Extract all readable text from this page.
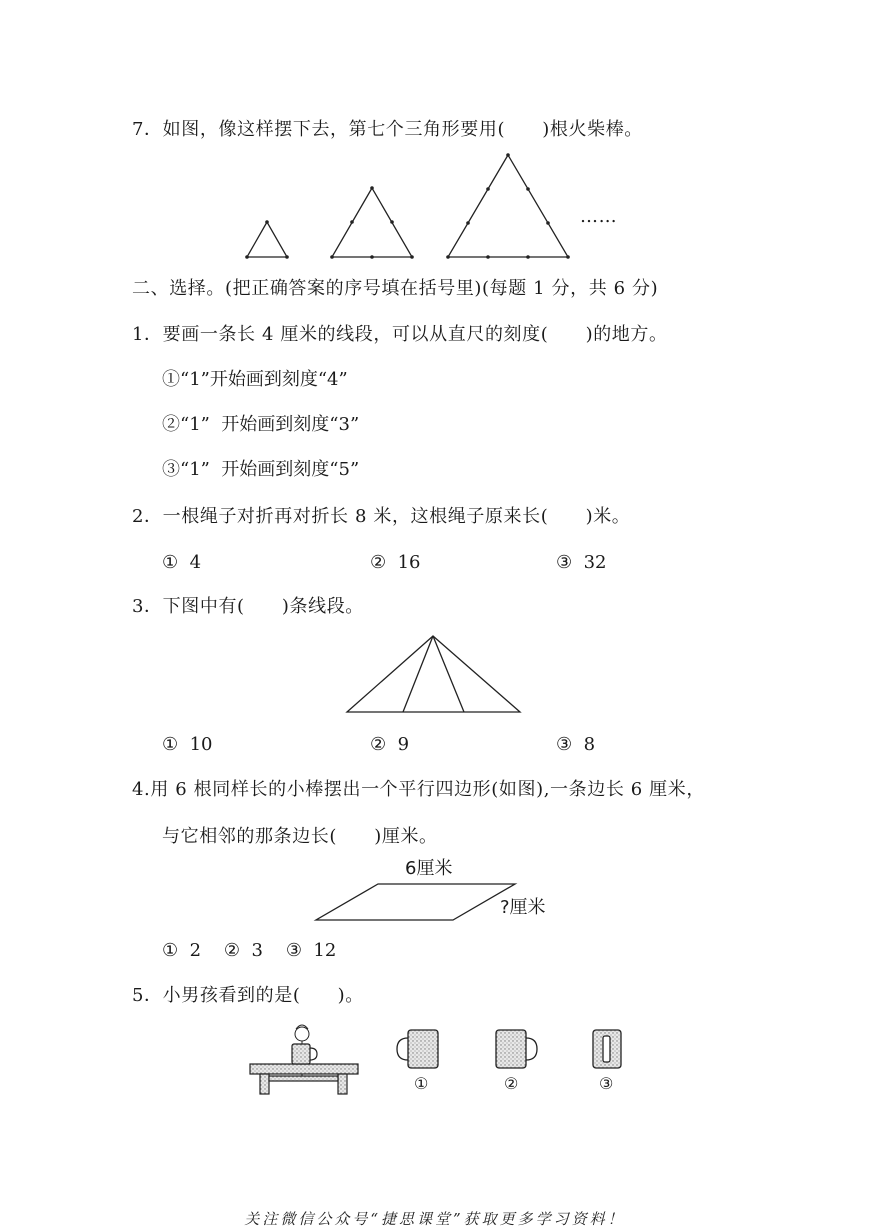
7．如图，像这样摆下去，第七个三角形要用(　　)根火柴棒。
……
二、选择。(把正确答案的序号填在括号里)(每题 1 分，共 6 分)
1．要画一条长 4 厘米的线段，可以从直尺的刻度(　　)的地方。
①“1”开始画到刻度“4”
②“1”  开始画到刻度“3”
③“1”  开始画到刻度“5”
2．一根绳子对折再对折长 8 米，这根绳子原来长(　　)米。
①  4	②  16	③  32
3．下图中有(　　)条线段。
①  10	②  9	③  8
4.用 6 根同样长的小棒摆出一个平行四边形(如图),一条边长 6 厘米，
与它相邻的那条边长(　　)厘米。
6厘米
?厘米
①  2    ②  3    ③  12
5．小男孩看到的是(　　)。
①	②	③
关注微信公众号“捷思课堂”获取更多学习资料！
